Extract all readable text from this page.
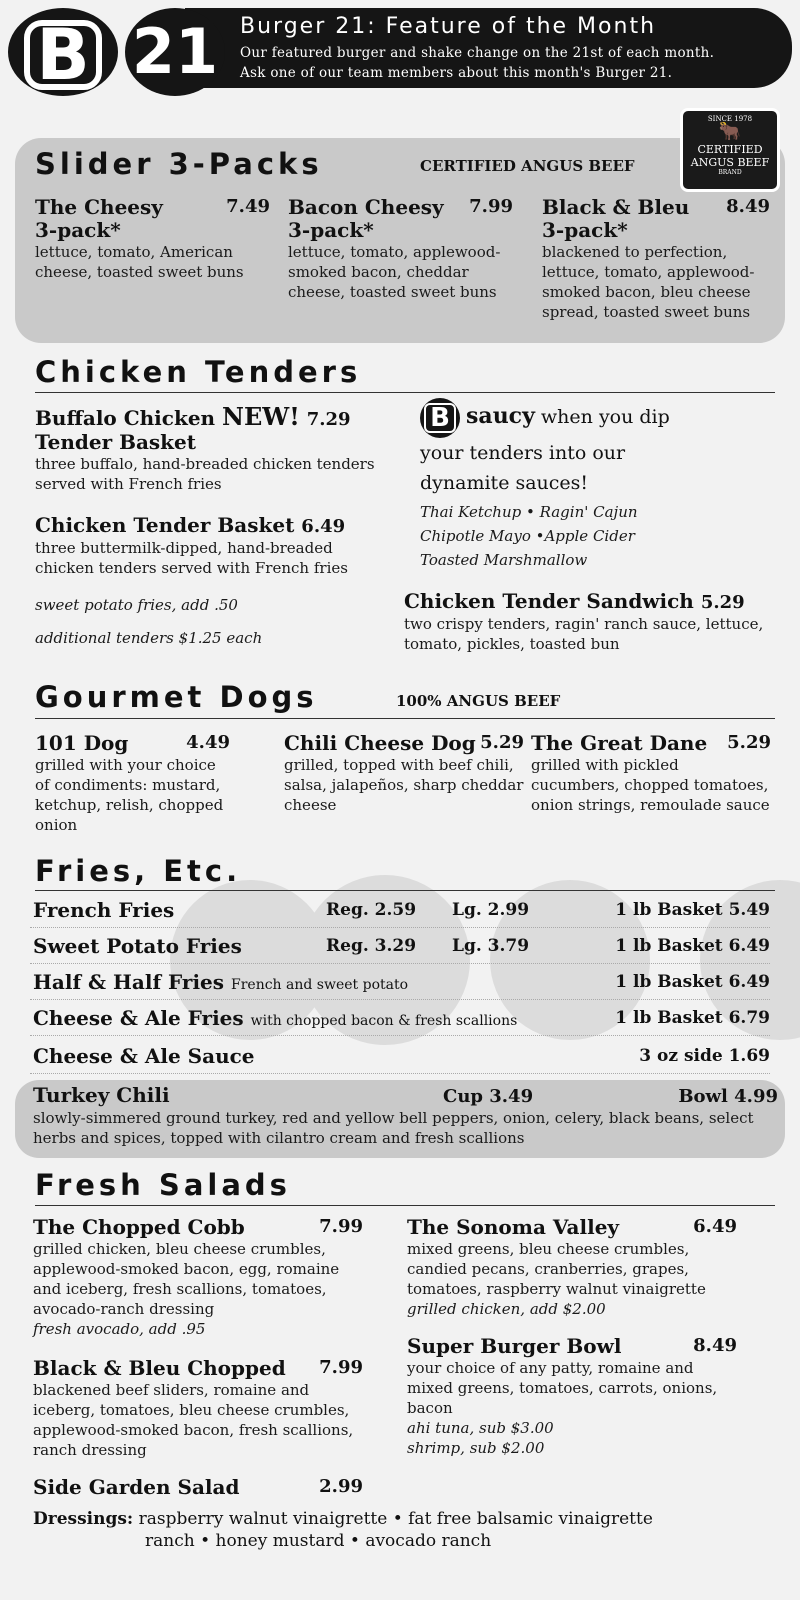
B 21 Burger 21: Feature of the Month
Our featured burger and shake change on the 21st of each month.
Ask one of our team members about this month's Burger 21.
Slider 3-Packs	CERTIFIED ANGUS BEEF
SINCE 1978
🐂
CERTIFIED
ANGUS BEEF
BRAND
The Cheesy 3-pack*
7.49
lettuce, tomato, American cheese, toasted sweet buns
Bacon Cheesy 3-pack*
7.99
lettuce, tomato, applewood-smoked bacon, cheddar cheese, toasted sweet buns
Black & Bleu 3-pack*
8.49
blackened to perfection, lettuce, tomato, applewood-smoked bacon, bleu cheese spread, toasted sweet buns
Chicken Tenders
Buffalo Chicken NEW! 7.29
Tender Basket
three buffalo, hand-breaded chicken tenders served with French fries
Chicken Tender Basket 6.49
three buttermilk-dipped, hand-breaded chicken tenders served with French fries
sweet potato fries, add .50
additional tenders $1.25 each
B saucy when you dip
your tenders into our
dynamite sauces!
Thai Ketchup • Ragin' Cajun
Chipotle Mayo •Apple Cider
Toasted Marshmallow
Chicken Tender Sandwich 5.29
two crispy tenders, ragin' ranch sauce, lettuce, tomato, pickles, toasted bun
Gourmet Dogs	100% ANGUS BEEF
101 Dog	4.49
grilled with your choice of condiments: mustard, ketchup, relish, chopped onion
Chili Cheese Dog 5.29
grilled, topped with beef chili, salsa, jalapeños, sharp cheddar cheese
The Great Dane 5.29
grilled with pickled cucumbers, chopped tomatoes, onion strings, remoulade sauce
Fries, Etc.
French Fries	Reg. 2.59 Lg. 2.99	1 lb Basket 5.49
Sweet Potato Fries	Reg. 3.29 Lg. 3.79	1 lb Basket 6.49
Half & Half Fries French and sweet potato	1 lb Basket 6.49
Cheese & Ale Fries with chopped bacon & fresh scallions	1 lb Basket 6.79
Cheese & Ale Sauce	3 oz side 1.69
Turkey Chili	Cup 3.49	Bowl 4.99
slowly-simmered ground turkey, red and yellow bell peppers, onion, celery, black beans, select herbs and spices, topped with cilantro cream and fresh scallions
Fresh Salads
The Chopped Cobb	7.99
grilled chicken, bleu cheese crumbles, applewood-smoked bacon, egg, romaine and iceberg, fresh scallions, tomatoes, avocado-ranch dressing
fresh avocado, add .95
Black & Bleu Chopped 7.99
blackened beef sliders, romaine and iceberg, tomatoes, bleu cheese crumbles, applewood-smoked bacon, fresh scallions, ranch dressing
Side Garden Salad	2.99
The Sonoma Valley	6.49
mixed greens, bleu cheese crumbles, candied pecans, cranberries, grapes, tomatoes, raspberry walnut vinaigrette
grilled chicken, add $2.00
Super Burger Bowl	8.49
your choice of any patty, romaine and mixed greens, tomatoes, carrots, onions, bacon
ahi tuna, sub $3.00
shrimp, sub $2.00
Dressings: raspberry walnut vinaigrette • fat free balsamic vinaigrette
ranch • honey mustard • avocado ranch
